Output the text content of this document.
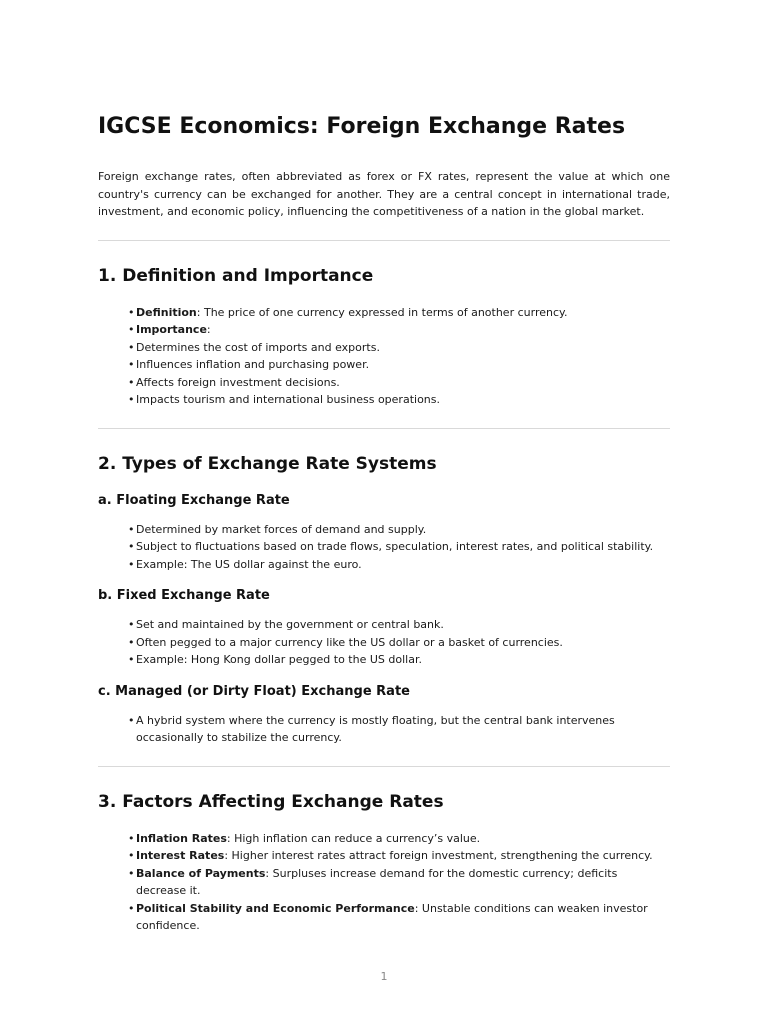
IGCSE Economics: Foreign Exchange Rates

Foreign exchange rates, often abbreviated as forex or FX rates, represent the value at which one country's currency can be exchanged for another. They are a central concept in international trade, investment, and economic policy, influencing the competitiveness of a nation in the global market.

1. Definition and Importance
• Definition: The price of one currency expressed in terms of another currency.
• Importance:
• Determines the cost of imports and exports.
• Influences inflation and purchasing power.
• Affects foreign investment decisions.
• Impacts tourism and international business operations.
2. Types of Exchange Rate Systems
a. Floating Exchange Rate
• Determined by market forces of demand and supply.
• Subject to fluctuations based on trade flows, speculation, interest rates, and political stability.
• Example: The US dollar against the euro.
b. Fixed Exchange Rate
• Set and maintained by the government or central bank.
• Often pegged to a major currency like the US dollar or a basket of currencies.
• Example: Hong Kong dollar pegged to the US dollar.
c. Managed (or Dirty Float) Exchange Rate
• A hybrid system where the currency is mostly floating, but the central bank intervenes occasionally to stabilize the currency.
3. Factors Affecting Exchange Rates
• Inflation Rates: High inflation can reduce a currency’s value.
• Interest Rates: Higher interest rates attract foreign investment, strengthening the currency.
• Balance of Payments: Surpluses increase demand for the domestic currency; deficits decrease it.
• Political Stability and Economic Performance: Unstable conditions can weaken investor confidence.
1
